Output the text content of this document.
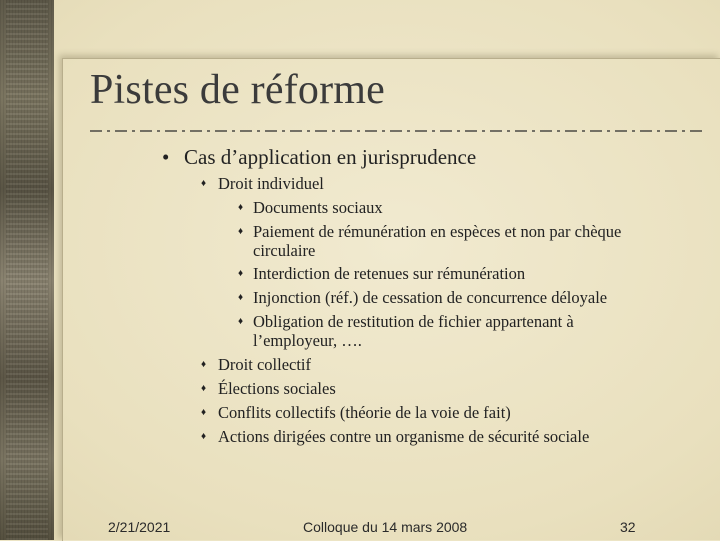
Pistes de réforme
• Cas d’application en jurisprudence
♦ Droit individuel
♦ Documents sociaux
♦ Paiement de rémunération en espèces et non par chèque
circulaire
♦ Interdiction de retenues sur rémunération
♦ Injonction (réf.) de cessation de concurrence déloyale
♦ Obligation de restitution de fichier appartenant à
l’employeur, ….
♦ Droit collectif
♦ Élections sociales
♦ Conflits collectifs (théorie de la voie de fait)
♦ Actions dirigées contre un organisme de sécurité sociale
2/21/2021	Colloque du 14 mars 2008	32
